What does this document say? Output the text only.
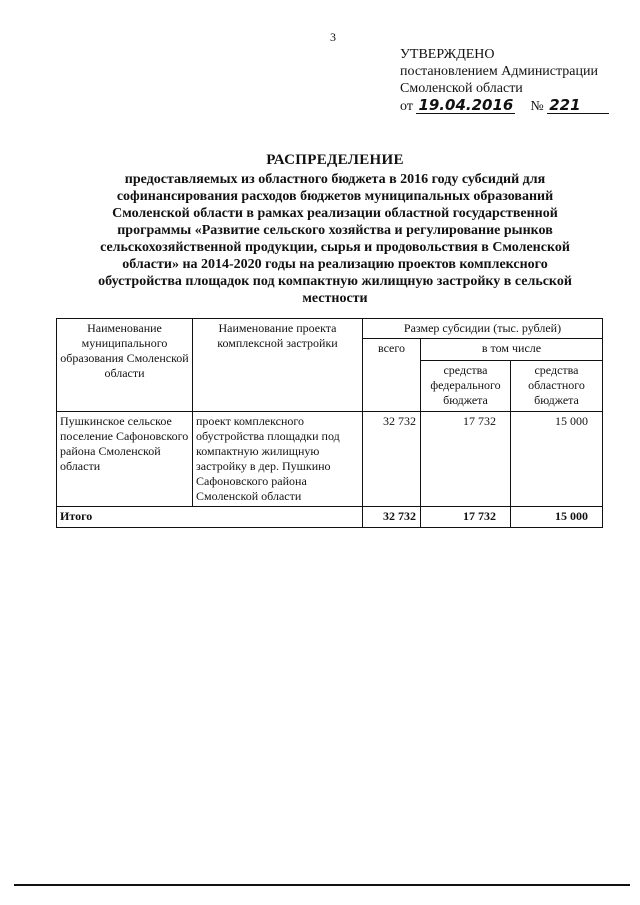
3
УТВЕРЖДЕНО
постановлением Администрации
Смоленской области
от 19.04.2016 № 221
РАСПРЕДЕЛЕНИЕ
предоставляемых из областного бюджета в 2016 году субсидий для
софинансирования расходов бюджетов муниципальных образований
Смоленской области в рамках реализации областной государственной
программы «Развитие сельского хозяйства и регулирование рынков
сельскохозяйственной продукции, сырья и продовольствия в Смоленской
области» на 2014-2020 годы на реализацию проектов комплексного
обустройства площадок под компактную жилищную застройку в сельской
местности
Наименование муниципального образования Смоленской области	Наименование проекта комплексной застройки	Размер субсидии (тыс. рублей)		
		всего	в том числе	
			средства федерального бюджета	средства областного бюджета
Пушкинское сельское поселение Сафоновского района Смоленской области	проект комплексного обустройства площадки под компактную жилищную застройку в дер. Пушкино Сафоновского района Смоленской области	32 732	17 732	15 000
Итого		32 732	17 732	15 000
